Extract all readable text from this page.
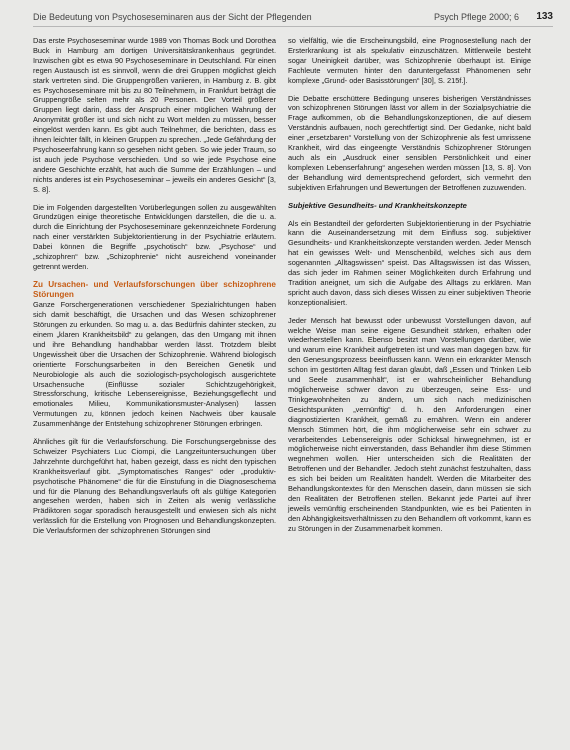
Die Bedeutung von Psychoseseminaren aus der Sicht der Pflegenden	Psych Pflege 2000; 6 133

Das erste Psychoseseminar wurde 1989 von Thomas Bock und Dorothea Buck in Hamburg am dortigen Universitätskrankenhaus gegründet. Inzwischen gibt es etwa 90 Psychoseseminare in Deutschland. Für einen regen Austausch ist es sinnvoll, wenn die drei Gruppen möglichst gleich stark vertreten sind. Die Gruppengrößen variieren, in Hamburg z. B. gibt es Psychoseseminare mit bis zu 80 Teilnehmern, in Frankfurt beträgt die Gruppengröße selten mehr als 20 Personen. Der Vorteil größerer Gruppen liegt darin, dass der Anspruch einer möglichen Wahrung der Anonymität größer ist und sich nicht zu Wort melden zu müssen, besser eingelöst werden kann. Es gibt auch Teilnehmer, die berichten, dass es ihnen leichter fällt, in kleinen Gruppen zu sprechen. „Jede Gefährdung der Psychoseerfahrung kann so gesehen nicht geben. So wie jeder Traum, so ist auch jede Psychose verschieden. Und so wie jede Psychose eine andere Geschichte erzählt, hat auch die Summe der Erzählungen – und nichts anderes ist ein Psychoseseminar – jeweils ein anderes Gesicht“ [3, S. 8].

Die im Folgenden dargestellten Vorüberlegungen sollen zu ausgewählten Grundzügen einige theoretische Entwicklungen darstellen, die die u. a. durch die Einrichtung der Psychoseseminare gekennzeichnete Forderung nach einer verstärkten Subjektorientierung in der Psychiatrie erläutern. Dabei können die Begriffe „psychotisch“ bzw. „Psychose“ und „schizophren“ bzw. „Schizophrenie“ nicht ausreichend voneinander getrennt werden.

Zu Ursachen- und Verlaufsforschungen über schizophrene Störungen

Ganze Forschergenerationen verschiedener Spezialrichtungen haben sich damit beschäftigt, die Ursachen und das Wesen schizophrener Störungen zu erkunden. So mag u. a. das Bedürfnis dahinter stecken, zu einem „klaren Krankheitsbild“ zu gelangen, das den Umgang mit ihnen und ihre Behandlung handhabbar werden lässt. Trotzdem bleibt Ungewissheit über die Ursachen der Schizophrenie. Während biologisch orientierte Forschungsarbeiten in den Bereichen Genetik und Neurobiologie als auch die soziologisch-psychologisch ausgerichtete Ursachensuche (Einflüsse sozialer Schichtzugehörigkeit, Stressforschung, kritische Lebensereignisse, Beziehungsgeflecht und emotionales Milieu, Kommunikationsmuster-Analysen) lassen Vermutungen zu, können jedoch keinen Nachweis über kausale Zusammenhänge der Entstehung schizophrener Störungen erbringen.

Ähnliches gilt für die Verlaufsforschung. Die Forschungsergebnisse des Schweizer Psychiaters Luc Ciompi, die Langzeituntersuchungen über Jahrzehnte durchgeführt hat, haben gezeigt, dass es nicht den typischen Krankheitsverlauf gibt. „Symptomatisches Ranges“ oder „produktiv-psychotische Phänomene“ die für die Einstufung in die Diagnoseschema und für die Planung des Behandlungsverlaufs oft als gültige Kategorien angesehen werden, haben sich in Zeiten als wenig verlässliche Prädiktoren sogar sporadisch herausgestellt und erwiesen sich als nicht verlässlich für die Erstellung von Prognosen und Behandlungskonzepten. Die Verlaufsformen der schizophrenen Störungen sind

so vielfältig, wie die Erscheinungsbild, eine Prognosestellung nach der Ersterkrankung ist als spekulativ einzuschätzen. Mittlerweile besteht sogar Uneinigkeit darüber, was Schizophrenie überhaupt ist. Einige Fachleute vermuten hinter den daruntergefasst Phänomenen sehr komplexe „Grund- oder Basisstörungen“ [30], S. 215f.].

Die Debatte erschüttere Bedingung unseres bisherigen Verständnisses von schizophrenen Störungen lässt vor allem in der Sozialpsychiatrie die Frage aufkommen, ob die Behandlungskonzeptionen, die auf diesem Verständnis aufbauen, noch gerechtfertigt sind. Der Gedanke, nicht bald einer „ersetzbaren“ Vorstellung von der Schizophrenie als fest umrissene Krankheit, wird das eingeengte Verständnis Schizophrener Störungen auch als ein „Ausdruck einer sensiblen Persönlichkeit und einer komplexen Lebenserfahrung“ angesehen werden müssen [13, S. 8]. Von der Behandlung wird dementsprechend gefordert, sich vermehrt den subjektiven Erfahrungen und Bewertungen der Betroffenen zuzuwenden.

Subjektive Gesundheits- und Krankheitskonzepte

Als ein Bestandteil der geforderten Subjektorientierung in der Psychiatrie kann die Auseinandersetzung mit dem Einfluss sog. subjektiver Gesundheits- und Krankheitskonzepte verstanden werden. Jeder Mensch hat ein gewisses Welt- und Menschenbild, welches sich aus dem sogenannten „Alltagswissen“ speist. Das Alltagswissen ist das Wissen, das sich jeder im Rahmen seiner Möglichkeiten durch Erfahrung und Tradition aneignet, um sich die Aufgabe des Alltags zu erklären. Man spricht auch davon, dass sich dieses Wissen zu einer subjektiven Theorie konzeptionalisiert.

Jeder Mensch hat bewusst oder unbewusst Vorstellungen davon, auf welche Weise man seine eigene Gesundheit stärken, erhalten oder wiederherstellen kann. Ebenso besitzt man Vorstellungen darüber, wie und warum eine Krankheit aufgetreten ist und was man dagegen bzw. für den Genesungsprozess beeinflussen kann. Wenn ein erkrankter Mensch schon im gestörten Alltag fest daran glaubt, daß „Essen und Trinken Leib und Seele zusammenhält“, ist er wahrscheinlicher Behandlung möglicherweise schwer davon zu überzeugen, seine Ess- und Trinkgewohnheiten zu ändern, um sich nach medizinischen Gesichtspunkten „vernünftig“ d. h. den Anforderungen einer diagnostizierten Krankheit, gemäß zu ernähren. Wenn ein anderer Mensch Stimmen hört, die ihm möglicherweise sehr ein schwer zu verarbeitendes Lebensereignis oder Schicksal hinwegnehmen, ist er möglicherweise nicht einverstanden, dass Behandler ihm diese Stimmen wegnehmen wollen. Hier unterscheiden sich die Realitäten der Betroffenen und der Behandler. Jedoch steht zunächst festzuhalten, dass es sich bei beiden um Realitäten handelt. Werden die Mitarbeiter des Behandlungskontextes für den Menschen dasein, dann müssen sie sich den Realitäten der Betroffenen stellen. Bekannt jede Partei auf ihrer jeweils vernünftig erscheinenden Standpunkten, wie es bei Patienten in den Abhängigkeitsverhältnissen zu den Behandlern oft vorkommt, kann es zu Störungen in der Zusammenarbeit kommen.
